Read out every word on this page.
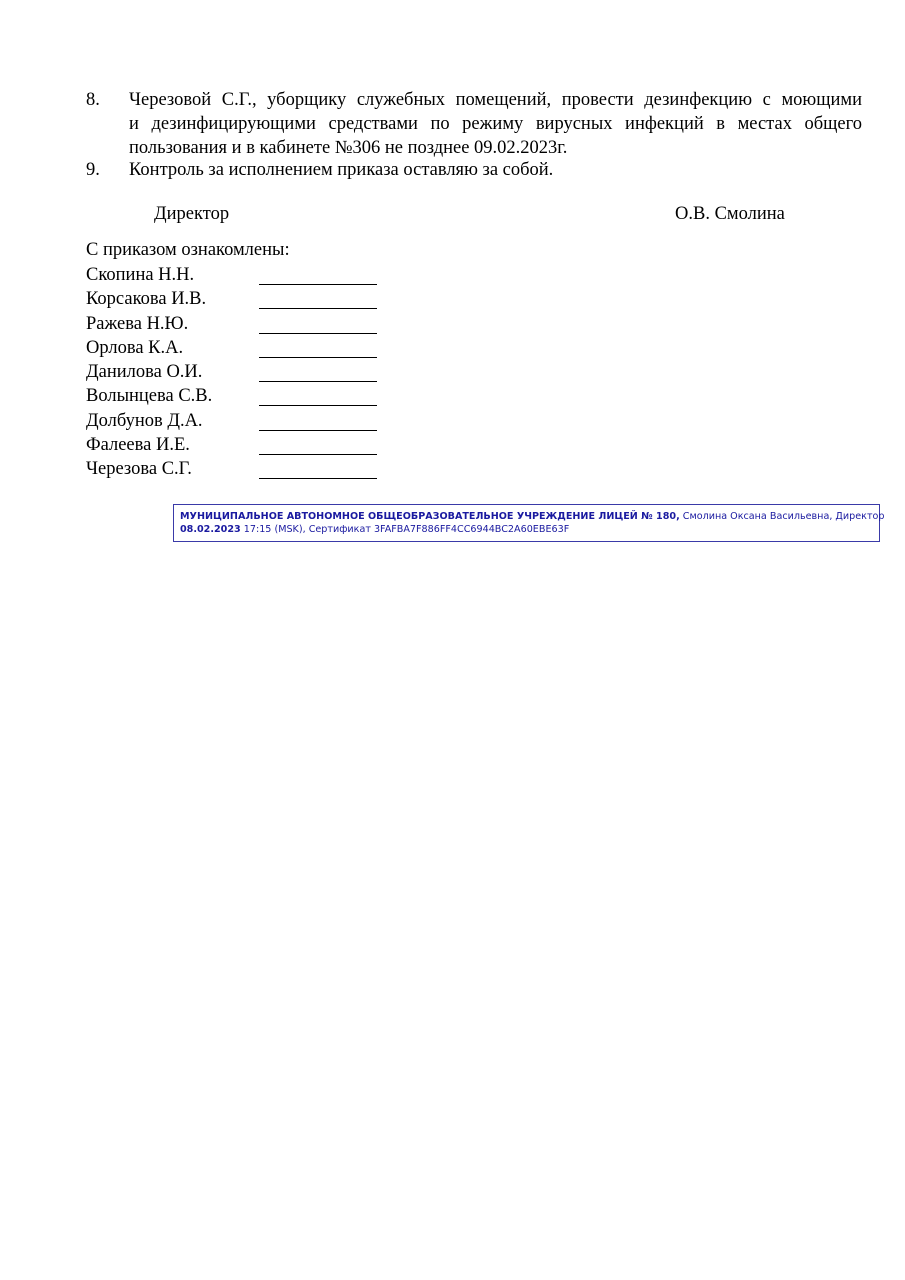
8.	Черезовой С.Г., уборщику служебных помещений, провести дезинфекцию с моющими
и дезинфицирующими средствами по режиму вирусных инфекций в местах общего
пользования и в кабинете №306 не позднее 09.02.2023г.
9.	Контроль за исполнением приказа оставляю за собой.
Директор	О.В. Смолина
С приказом ознакомлены:
Скопина Н.Н.
Корсакова И.В.
Ражева Н.Ю.
Орлова К.А.
Данилова О.И.
Волынцева С.В.
Долбунов Д.А.
Фалеева И.Е.
Черезова С.Г.
МУНИЦИПАЛЬНОЕ АВТОНОМНОЕ ОБЩЕОБРАЗОВАТЕЛЬНОЕ УЧРЕЖДЕНИЕ ЛИЦЕЙ № 180, Смолина Оксана Васильевна, Директор
08.02.2023 17:15 (MSK), Сертификат 3FAFBA7F886FF4CC6944BC2A60EBE63F
